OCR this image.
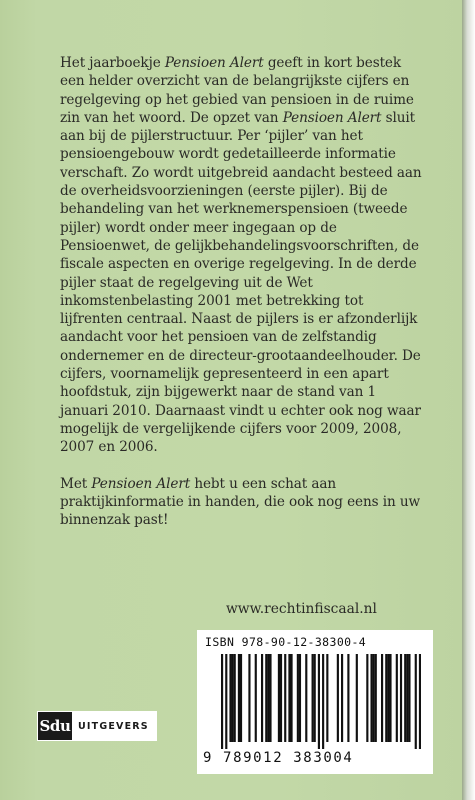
Het jaarboekje Pensioen Alert geeft in kort bestek een helder overzicht van de belangrijkste cijfers en regelgeving op het gebied van pensioen in de ruime zin van het woord. De opzet van Pensioen Alert sluit aan bij de pijlerstructuur. Per ‘pijler’ van het pensioengebouw wordt gedetailleerde informatie verschaft. Zo wordt uitgebreid aandacht besteed aan de overheidsvoorzieningen (eerste pijler). Bij de behandeling van het werknemerspensioen (tweede pijler) wordt onder meer ingegaan op de Pensioenwet, de gelijkbehandelingsvoorschriften, de fiscale aspecten en overige regelgeving. In de derde pijler staat de regelgeving uit de Wet inkomstenbelasting 2001 met betrekking tot lijfrenten centraal. Naast de pijlers is er afzonderlijk aandacht voor het pensioen van de zelfstandig ondernemer en de directeur-grootaandeelhouder. De cijfers, voornamelijk gepresenteerd in een apart hoofdstuk, zijn bijgewerkt naar de stand van 1 januari 2010. Daarnaast vindt u echter ook nog waar mogelijk de vergelijkende cijfers voor 2009, 2008, 2007 en 2006.

Met Pensioen Alert hebt u een schat aan praktijkinformatie in handen, die ook nog eens in uw binnenzak past!

www.rechtinfiscaal.nl
ISBN 978-90-12-38300-4
9 789012 383004
Sdu UITGEVERS
